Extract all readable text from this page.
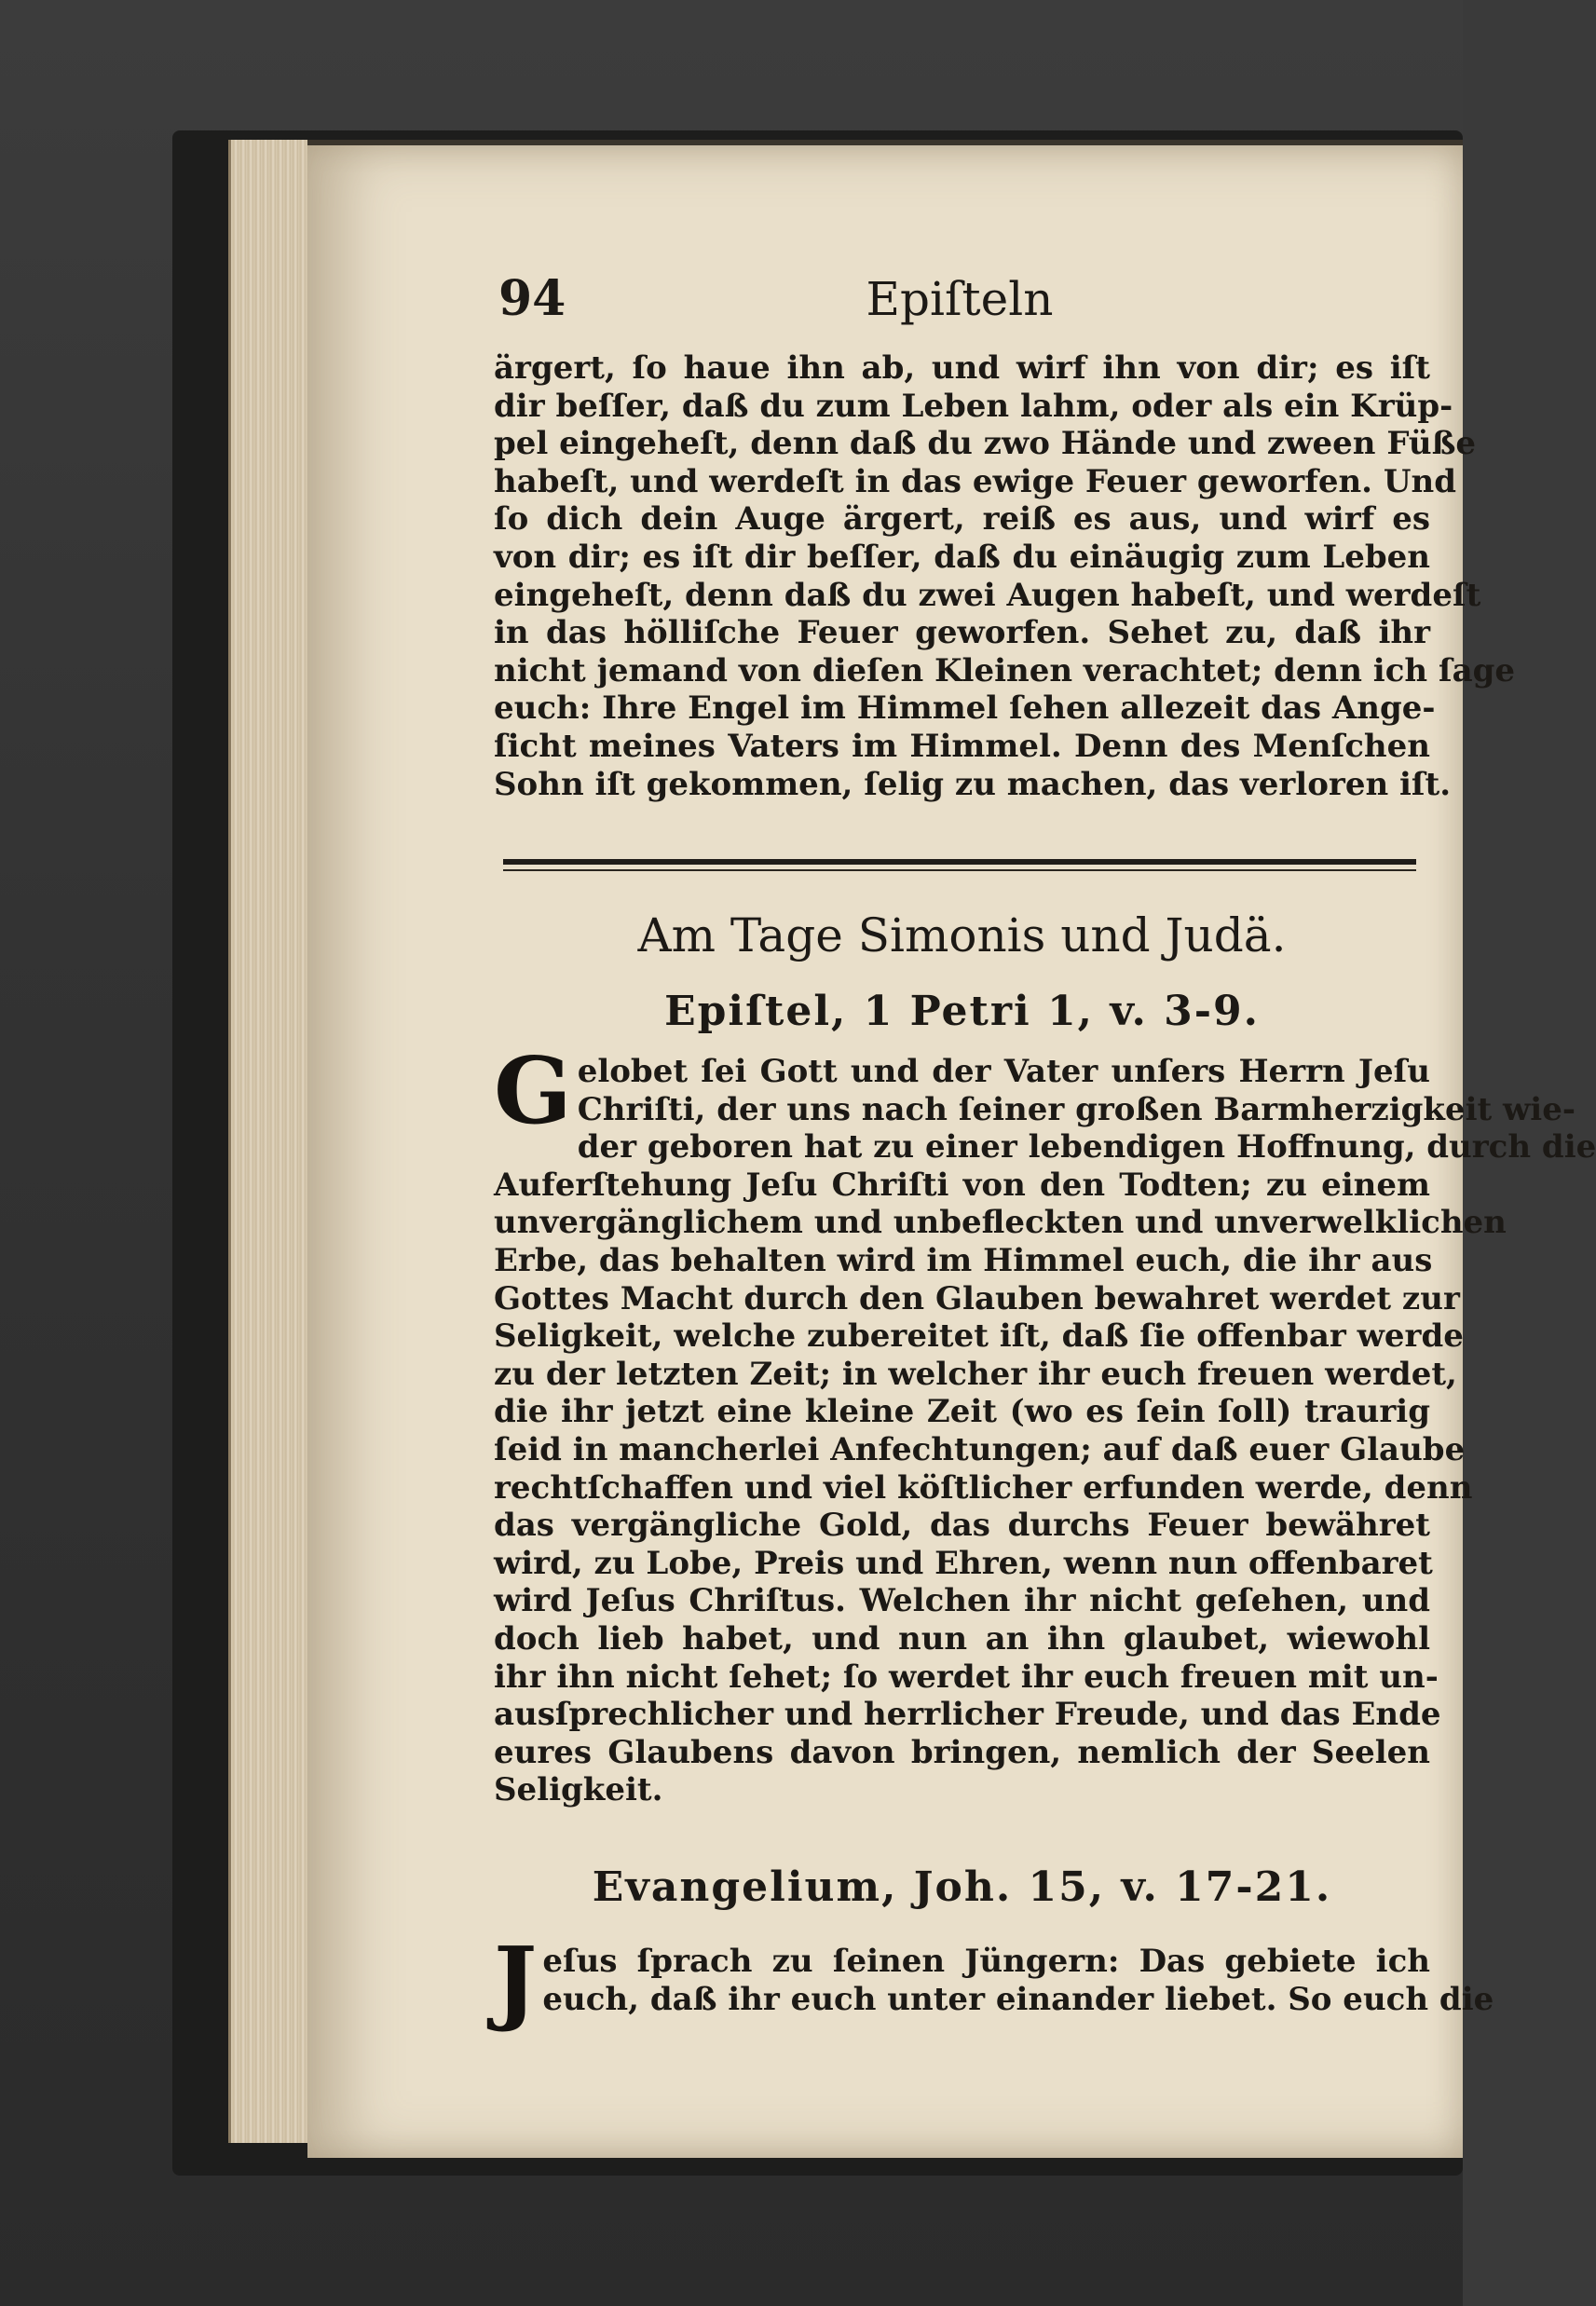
94	Epiſteln
ärgert, ſo haue ihn ab, und wirf ihn von dir; es iſt
dir beſſer, daß du zum Leben lahm, oder als ein Krüp-
pel eingeheſt, denn daß du zwo Hände und zween Füße
habeſt, und werdeſt in das ewige Feuer geworfen. Und
ſo dich dein Auge ärgert, reiß es aus, und wirf es
von dir; es iſt dir beſſer, daß du einäugig zum Leben
eingeheſt, denn daß du zwei Augen habeſt, und werdeſt
in das hölliſche Feuer geworfen. Sehet zu, daß ihr
nicht jemand von dieſen Kleinen verachtet; denn ich ſage
euch: Ihre Engel im Himmel ſehen allezeit das Ange-
ſicht meines Vaters im Himmel. Denn des Menſchen
Sohn iſt gekommen, ſelig zu machen, das verloren iſt.
Am Tage Simonis und Judä.
Epiſtel, 1 Petri 1, v. 3-9.
G elobet ſei Gott und der Vater unſers Herrn Jeſu
Chriſti, der uns nach ſeiner großen Barmherzigkeit wie-
der geboren hat zu einer lebendigen Hoffnung, durch die
Auferſtehung Jeſu Chriſti von den Todten; zu einem
unvergänglichem und unbefleckten und unverwelklichen
Erbe, das behalten wird im Himmel euch, die ihr aus
Gottes Macht durch den Glauben bewahret werdet zur
Seligkeit, welche zubereitet iſt, daß ſie offenbar werde
zu der letzten Zeit; in welcher ihr euch freuen werdet,
die ihr jetzt eine kleine Zeit (wo es ſein ſoll) traurig
ſeid in mancherlei Anfechtungen; auf daß euer Glaube
rechtſchaffen und viel köſtlicher erfunden werde, denn
das vergängliche Gold, das durchs Feuer bewähret
wird, zu Lobe, Preis und Ehren, wenn nun offenbaret
wird Jeſus Chriſtus. Welchen ihr nicht geſehen, und
doch lieb habet, und nun an ihn glaubet, wiewohl
ihr ihn nicht ſehet; ſo werdet ihr euch freuen mit un-
ausſprechlicher und herrlicher Freude, und das Ende
eures Glaubens davon bringen, nemlich der Seelen
Seligkeit.
Evangelium, Joh. 15, v. 17-21.
J eſus ſprach zu ſeinen Jüngern: Das gebiete ich
euch, daß ihr euch unter einander liebet. So euch die
